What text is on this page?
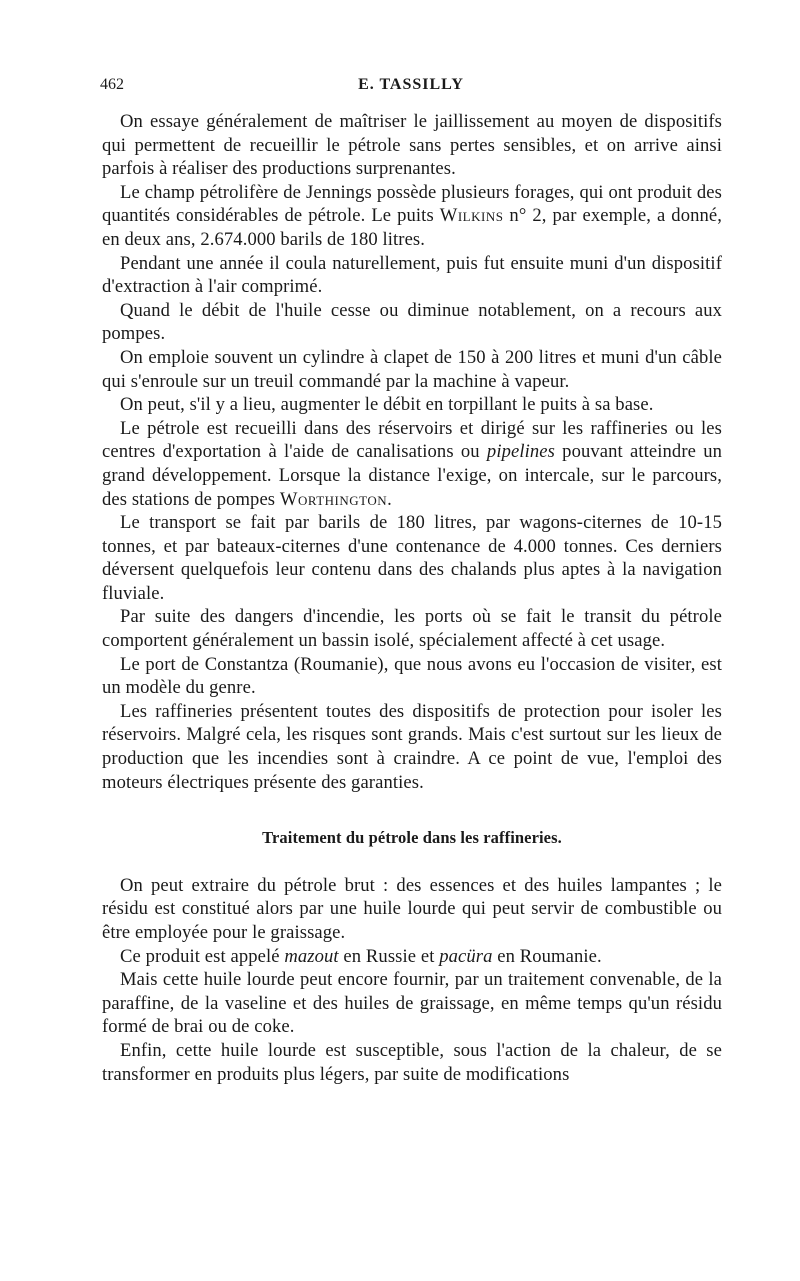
462	E. TASSILLY

On essaye généralement de maîtriser le jaillissement au moyen de dispositifs qui permettent de recueillir le pétrole sans pertes sensibles, et on arrive ainsi parfois à réaliser des productions surprenantes.

Le champ pétrolifère de Jennings possède plusieurs forages, qui ont produit des quantités considérables de pétrole. Le puits Wilkins n° 2, par exemple, a donné, en deux ans, 2.674.000 barils de 180 litres.

Pendant une année il coula naturellement, puis fut ensuite muni d'un dispositif d'extraction à l'air comprimé.

Quand le débit de l'huile cesse ou diminue notablement, on a recours aux pompes.

On emploie souvent un cylindre à clapet de 150 à 200 litres et muni d'un câble qui s'enroule sur un treuil commandé par la machine à vapeur.

On peut, s'il y a lieu, augmenter le débit en torpillant le puits à sa base.

Le pétrole est recueilli dans des réservoirs et dirigé sur les raffineries ou les centres d'exportation à l'aide de canalisations ou pipelines pouvant atteindre un grand développement. Lorsque la distance l'exige, on intercale, sur le parcours, des stations de pompes Worthington.

Le transport se fait par barils de 180 litres, par wagons-citernes de 10-15 tonnes, et par bateaux-citernes d'une contenance de 4.000 tonnes. Ces derniers déversent quelquefois leur contenu dans des chalands plus aptes à la navigation fluviale.

Par suite des dangers d'incendie, les ports où se fait le transit du pétrole comportent généralement un bassin isolé, spécialement affecté à cet usage.

Le port de Constantza (Roumanie), que nous avons eu l'occasion de visiter, est un modèle du genre.

Les raffineries présentent toutes des dispositifs de protection pour isoler les réservoirs. Malgré cela, les risques sont grands. Mais c'est surtout sur les lieux de production que les incendies sont à craindre. A ce point de vue, l'emploi des moteurs électriques présente des garanties.

Traitement du pétrole dans les raffineries.

On peut extraire du pétrole brut : des essences et des huiles lampantes ; le résidu est constitué alors par une huile lourde qui peut servir de combustible ou être employée pour le graissage.

Ce produit est appelé mazout en Russie et pacüra en Roumanie.

Mais cette huile lourde peut encore fournir, par un traitement convenable, de la paraffine, de la vaseline et des huiles de graissage, en même temps qu'un résidu formé de brai ou de coke.

Enfin, cette huile lourde est susceptible, sous l'action de la chaleur, de se transformer en produits plus légers, par suite de modifications
